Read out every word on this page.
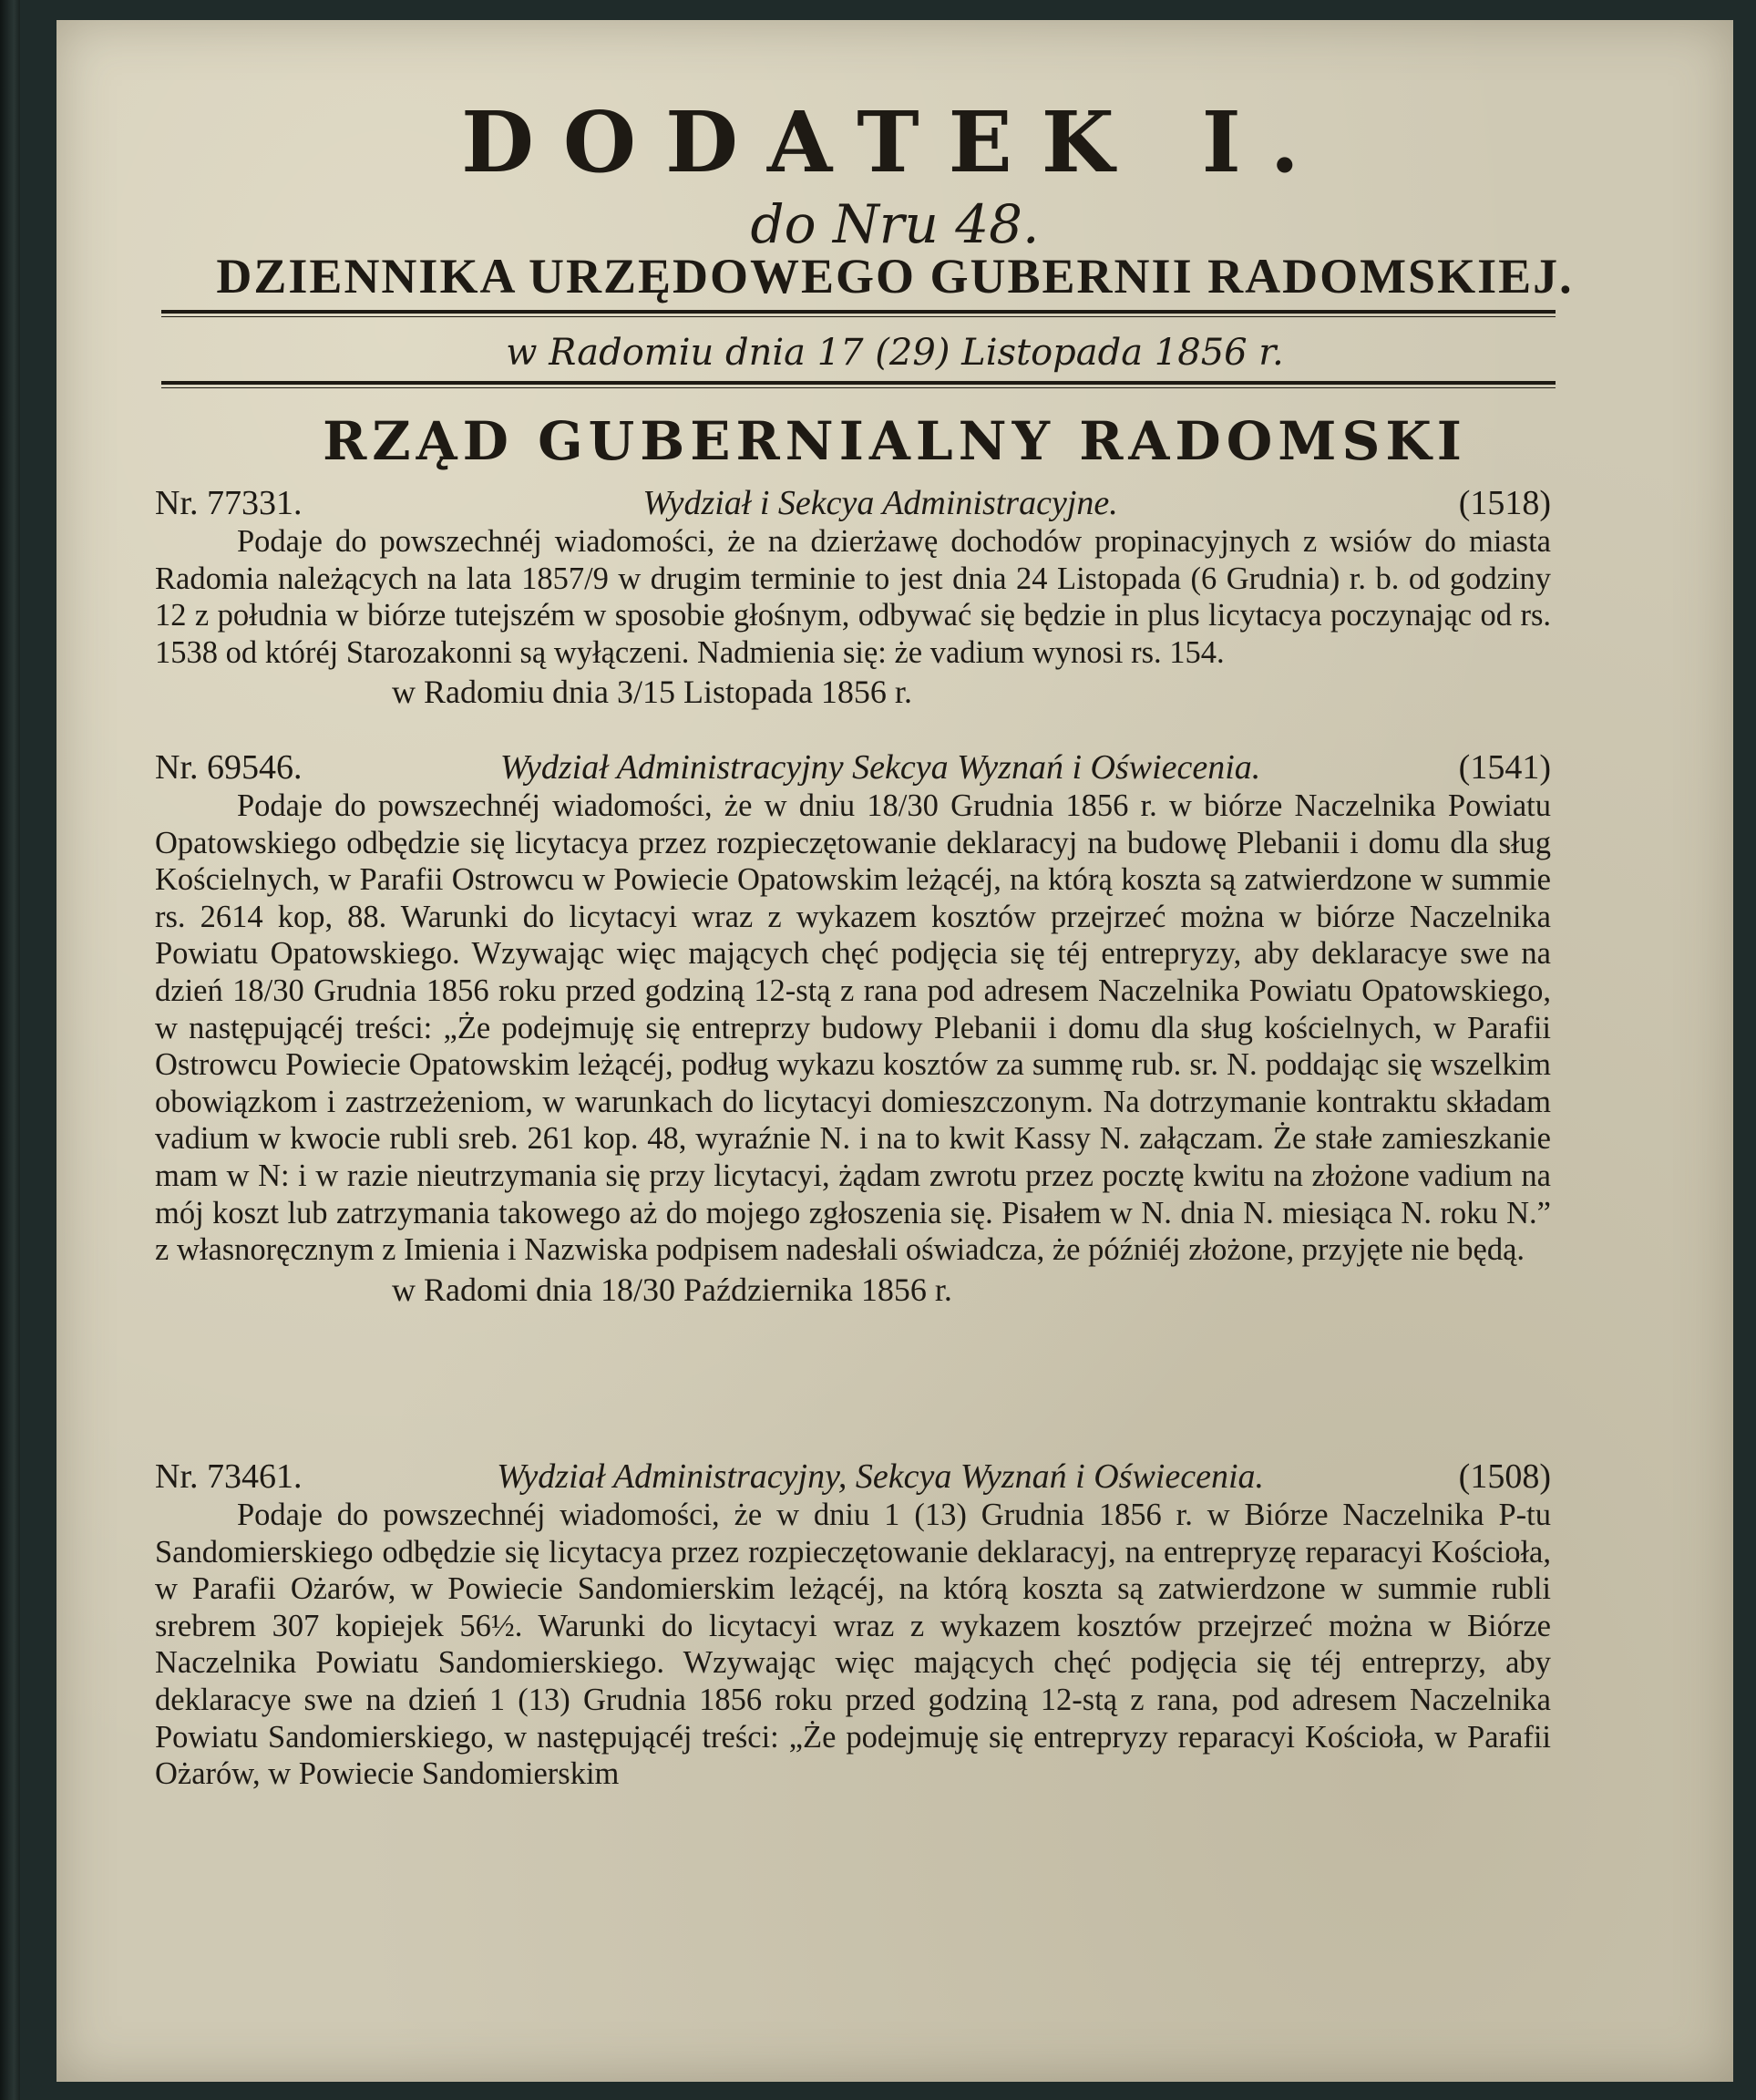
DODATEK I.
do Nru 48.
DZIENNIKA URZĘDOWEGO GUBERNII RADOMSKIEJ.
w Radomiu dnia 17 (29) Listopada 1856 r.
RZĄD GUBERNIALNY RADOMSKI
Nr. 77331.	Wydział i Sekcya Administracyjne.	(1518)

Podaje do powszechnéj wiadomości, że na dzierżawę dochodów propinacyjnych z wsiów do miasta Radomia należących na lata 1857/9 w drugim terminie to jest dnia 24 Listopada (6 Grudnia) r. b. od godziny 12 z południa w biórze tutejszém w sposobie głośnym, odbywać się będzie in plus licytacya poczynając od rs. 1538 od któréj Starozakonni są wyłączeni. Nadmienia się: że vadium wynosi rs. 154.

w Radomiu dnia 3/15 Listopada 1856 r.
Nr. 69546.	Wydział Administracyjny Sekcya Wyznań i Oświecenia.	(1541)

Podaje do powszechnéj wiadomości, że w dniu 18/30 Grudnia 1856 r. w biórze Naczelnika Powiatu Opatowskiego odbędzie się licytacya przez rozpieczętowanie deklaracyj na budowę Plebanii i domu dla sług Kościelnych, w Parafii Ostrowcu w Powiecie Opatowskim leżącéj, na którą koszta są zatwierdzone w summie rs. 2614 kop, 88. Warunki do licytacyi wraz z wykazem kosztów przejrzeć można w biórze Naczelnika Powiatu Opatowskiego. Wzywając więc mających chęć podjęcia się téj entrepryzy, aby deklaracye swe na dzień 18/30 Grudnia 1856 roku przed godziną 12-stą z rana pod adresem Naczelnika Powiatu Opatowskiego, w następującéj treści: „Że podejmuję się entreprzy budowy Plebanii i domu dla sług kościelnych, w Parafii Ostrowcu Powiecie Opatowskim leżącéj, podług wykazu kosztów za summę rub. sr. N. poddając się wszelkim obowiązkom i zastrzeżeniom, w warunkach do licytacyi domieszczonym. Na dotrzymanie kontraktu składam vadium w kwocie rubli sreb. 261 kop. 48, wyraźnie N. i na to kwit Kassy N. załączam. Że stałe zamieszkanie mam w N: i w razie nieutrzymania się przy licytacyi, żądam zwrotu przez pocztę kwitu na złożone vadium na mój koszt lub zatrzymania takowego aż do mojego zgłoszenia się. Pisałem w N. dnia N. miesiąca N. roku N.” z własnoręcznym z Imienia i Nazwiska podpisem nadesłali oświadcza, że późniéj złożone, przyjęte nie będą.

w Radomi dnia 18/30 Października 1856 r.
Nr. 73461.	Wydział Administracyjny, Sekcya Wyznań i Oświecenia.	(1508)

Podaje do powszechnéj wiadomości, że w dniu 1 (13) Grudnia 1856 r. w Biórze Naczelnika P-tu Sandomierskiego odbędzie się licytacya przez rozpieczętowanie deklaracyj, na entrepryzę reparacyi Kościoła, w Parafii Ożarów, w Powiecie Sandomierskim leżącéj, na którą koszta są zatwierdzone w summie rubli srebrem 307 kopiejek 56½. Warunki do licytacyi wraz z wykazem kosztów przejrzeć można w Biórze Naczelnika Powiatu Sandomierskiego. Wzywając więc mających chęć podjęcia się téj entreprzy, aby deklaracye swe na dzień 1 (13) Grudnia 1856 roku przed godziną 12-stą z rana, pod adresem Naczelnika Powiatu Sandomierskiego, w następującéj treści: „Że podejmuję się entrepryzy reparacyi Kościoła, w Parafii Ożarów, w Powiecie Sandomierskim
